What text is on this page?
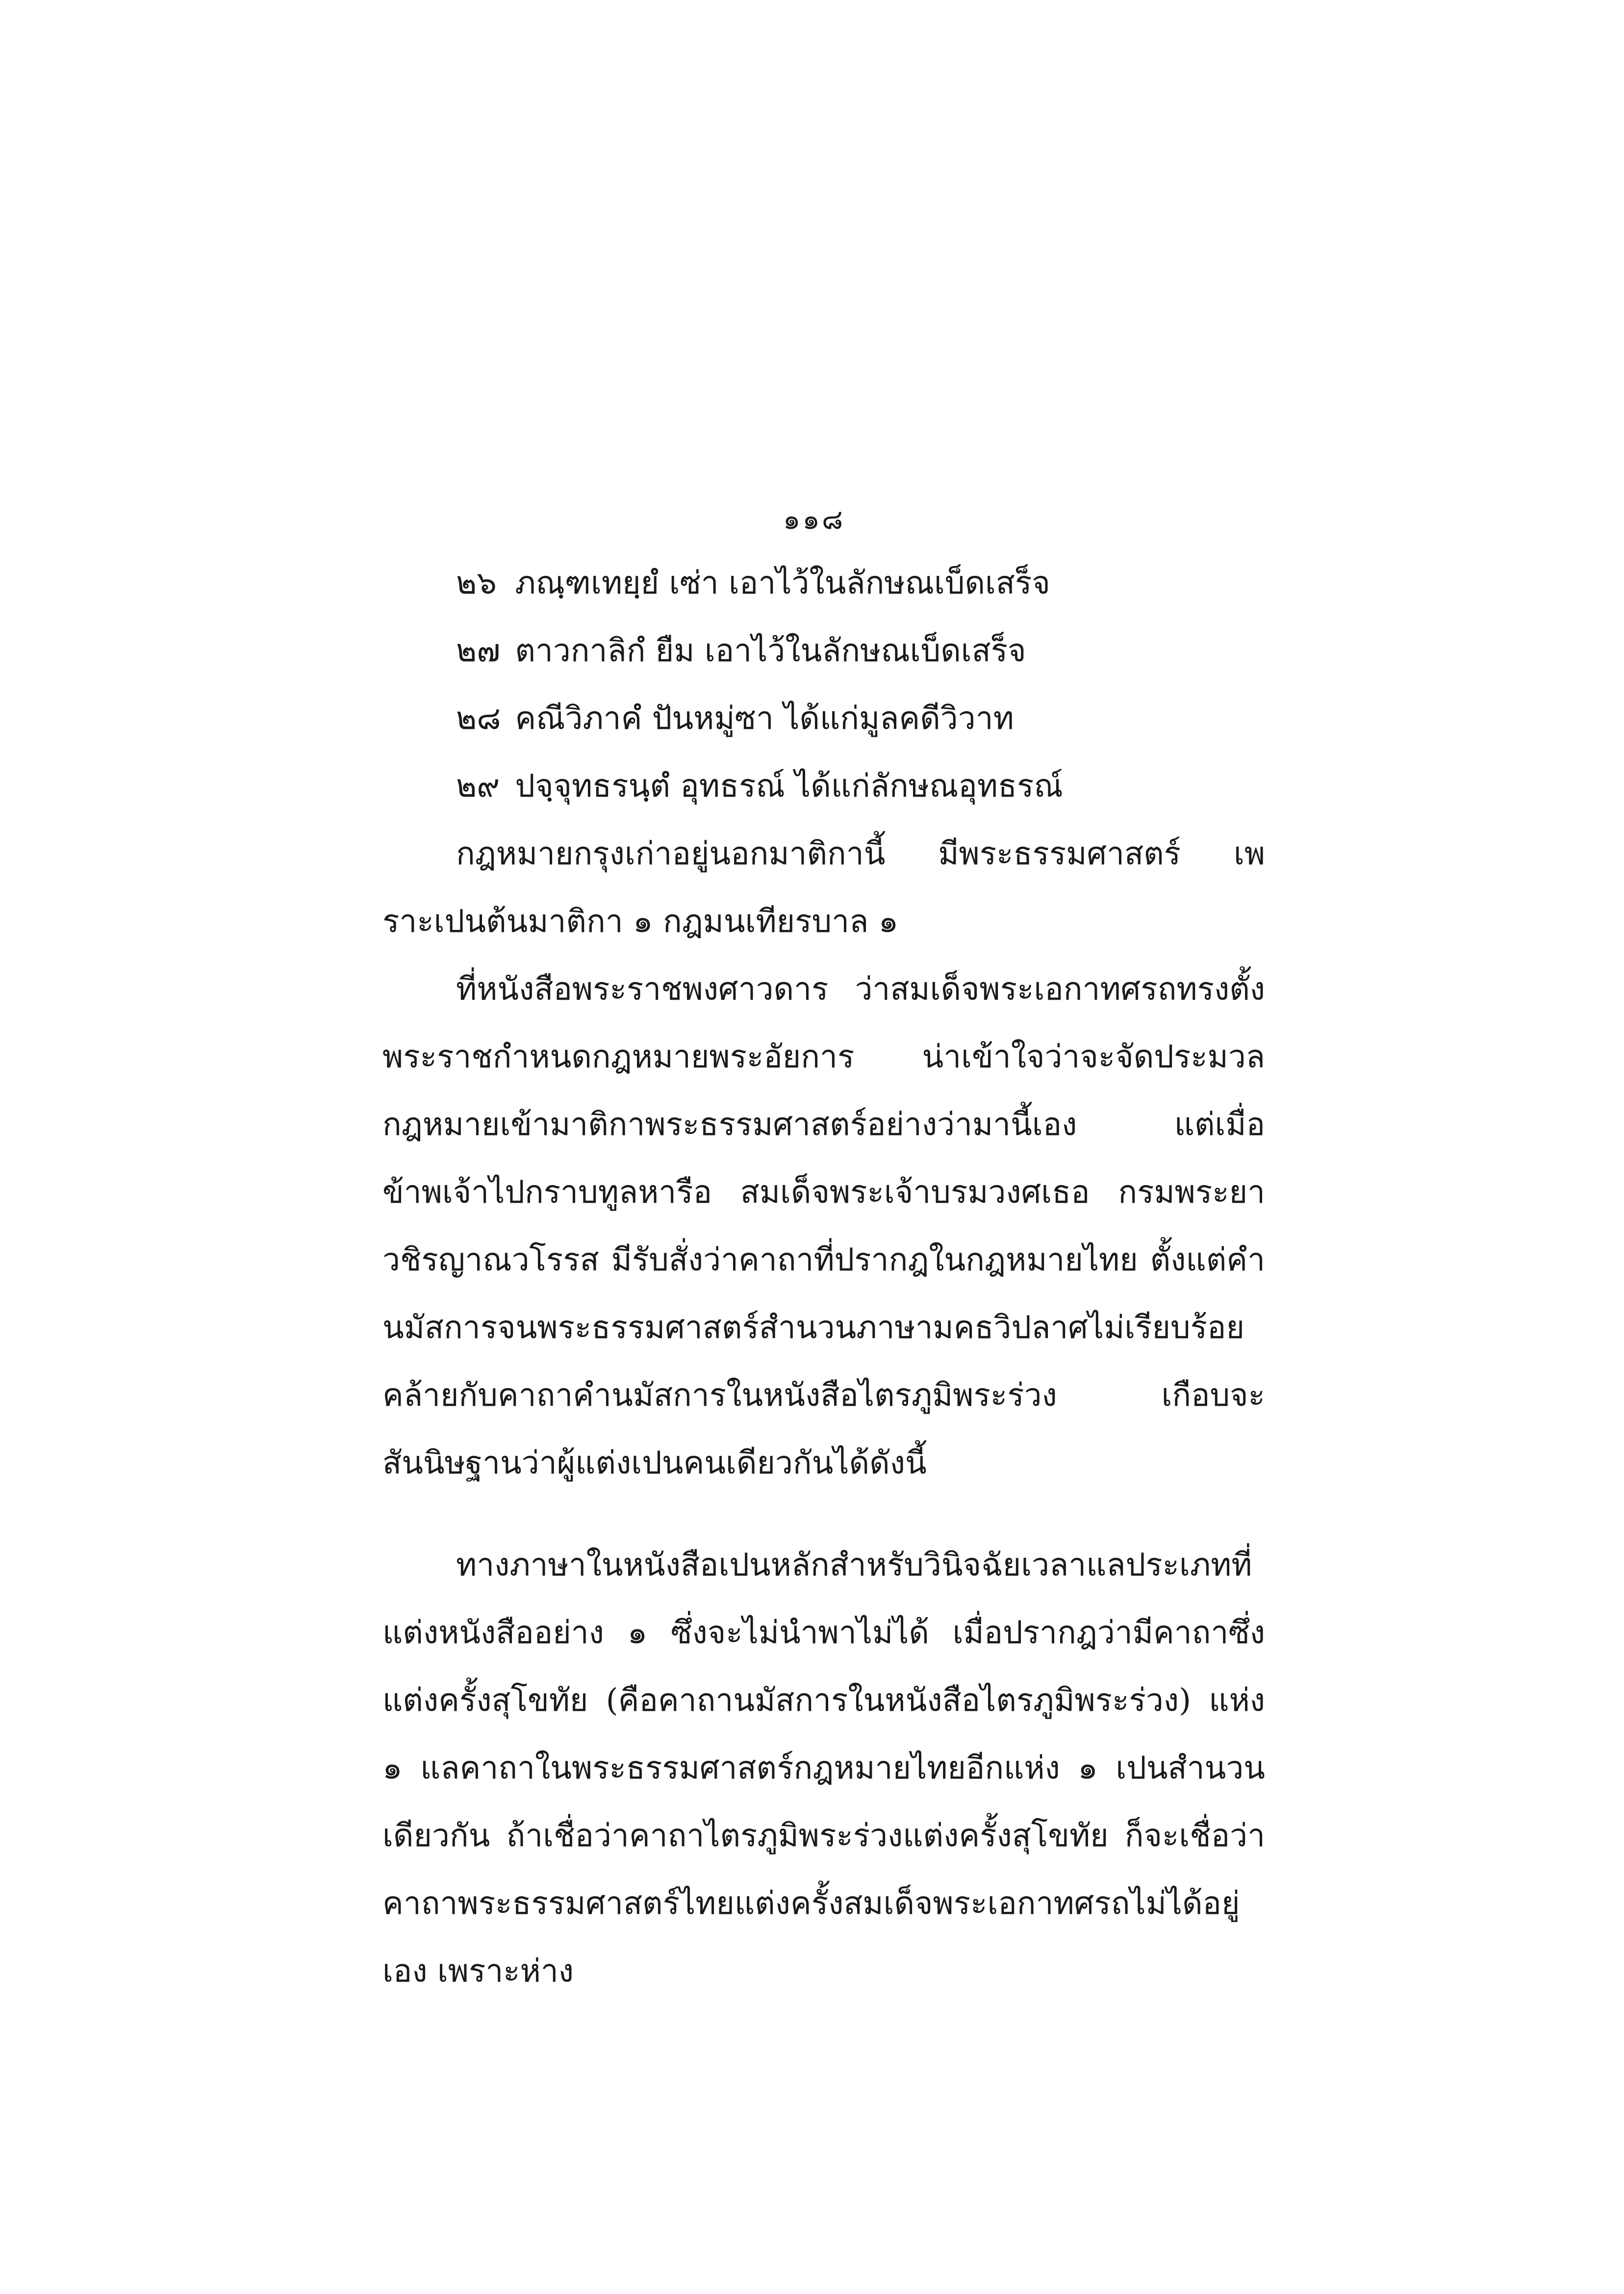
๑๑๘
๒๖ ภณฺฑเทยฺยํ เซ่า เอาไว้ในลักษณเบ็ดเสร็จ
๒๗ ตาวกาลิกํ ยืม เอาไว้ในลักษณเบ็ดเสร็จ
๒๘ คณีวิภาคํ ปันหมู่ซา ได้แก่มูลคดีวิวาท
๒๙ ปจฺจุทธรนฺตํ อุทธรณ์ ได้แก่ลักษณอุทธรณ์

กฎหมายกรุงเก่าอยู่นอกมาติกานี้ มีพระธรรมศาสตร์ เพราะเปนต้นมาติกา ๑ กฎมนเทียรบาล ๑

ที่หนังสือพระราชพงศาวดาร ว่าสมเด็จพระเอกาทศรถทรงตั้งพระราชกำหนดกฎหมายพระอัยการ น่าเข้าใจว่าจะจัดประมวลกฎหมายเข้ามาติกาพระธรรมศาสตร์อย่างว่ามานี้เอง แต่เมื่อข้าพเจ้าไปกราบทูลหารือ สมเด็จพระเจ้าบรมวงศเธอ กรมพระยาวชิรญาณวโรรส มีรับสั่งว่าคาถาที่ปรากฎในกฎหมายไทย ตั้งแต่คำนมัสการจนพระธรรมศาสตร์สำนวนภาษามคธวิปลาศไม่เรียบร้อย คล้ายกับคาถาคำนมัสการในหนังสือไตรภูมิพระร่วง เกือบจะสันนิษฐานว่าผู้แต่งเปนคนเดียวกันได้ดังนี้

ทางภาษาในหนังสือเปนหลักสำหรับวินิจฉัยเวลาแลประเภทที่แต่งหนังสืออย่าง ๑ ซึ่งจะไม่นำพาไม่ได้ เมื่อปรากฎว่ามีคาถาซึ่งแต่งครั้งสุโขทัย (คือคาถานมัสการในหนังสือไตรภูมิพระร่วง) แห่ง ๑ แลคาถาในพระธรรมศาสตร์กฎหมายไทยอีกแห่ง ๑ เปนสำนวนเดียวกัน ถ้าเชื่อว่าคาถาไตรภูมิพระร่วงแต่งครั้งสุโขทัย ก็จะเชื่อว่าคาถาพระธรรมศาสตร์ไทยแต่งครั้งสมเด็จพระเอกาทศรถไม่ได้อยู่เอง เพราะห่าง
